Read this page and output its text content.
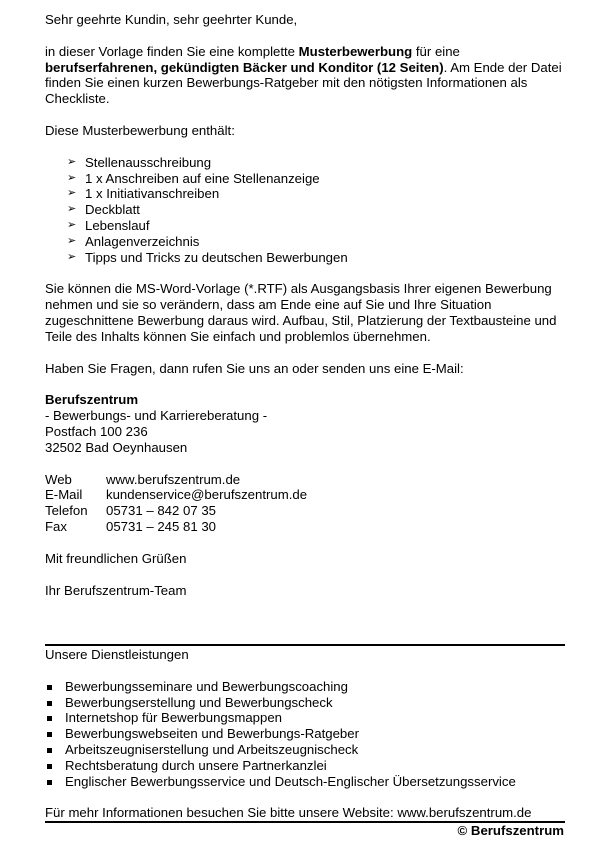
Sehr geehrte Kundin, sehr geehrter Kunde,

in dieser Vorlage finden Sie eine komplette Musterbewerbung für eine berufserfahrenen, gekündigten Bäcker und Konditor (12 Seiten). Am Ende der Datei finden Sie einen kurzen Bewerbungs-Ratgeber mit den nötigsten Informationen als Checkliste.

Diese Musterbewerbung enthält:

➢ Stellenausschreibung
➢ 1 x Anschreiben auf eine Stellenanzeige
➢ 1 x Initiativanschreiben
➢ Deckblatt
➢ Lebenslauf
➢ Anlagenverzeichnis
➢ Tipps und Tricks zu deutschen Bewerbungen

Sie können die MS-Word-Vorlage (*.RTF) als Ausgangsbasis Ihrer eigenen Bewerbung nehmen und sie so verändern, dass am Ende eine auf Sie und Ihre Situation zugeschnittene Bewerbung daraus wird. Aufbau, Stil, Platzierung der Textbausteine und Teile des Inhalts können Sie einfach und problemlos übernehmen.

Haben Sie Fragen, dann rufen Sie uns an oder senden uns eine E-Mail:

Berufszentrum

- Bewerbungs- und Karriereberatung -

Postfach 100 236

32502 Bad Oeynhausen

Web	www.berufszentrum.de
E-Mail	kundenservice@berufszentrum.de
Telefon	05731 – 842 07 35
Fax	05731 – 245 81 30

Mit freundlichen Grüßen

Ihr Berufszentrum-Team

Unsere Dienstleistungen

Bewerbungsseminare und Bewerbungscoaching
Bewerbungserstellung und Bewerbungscheck
Internetshop für Bewerbungsmappen
Bewerbungswebseiten und Bewerbungs-Ratgeber
Arbeitszeugniserstellung und Arbeitszeugnischeck
Rechtsberatung durch unsere Partnerkanzlei
Englischer Bewerbungsservice und Deutsch-Englischer Übersetzungsservice

Für mehr Informationen besuchen Sie bitte unsere Website: www.berufszentrum.de

© Berufszentrum
